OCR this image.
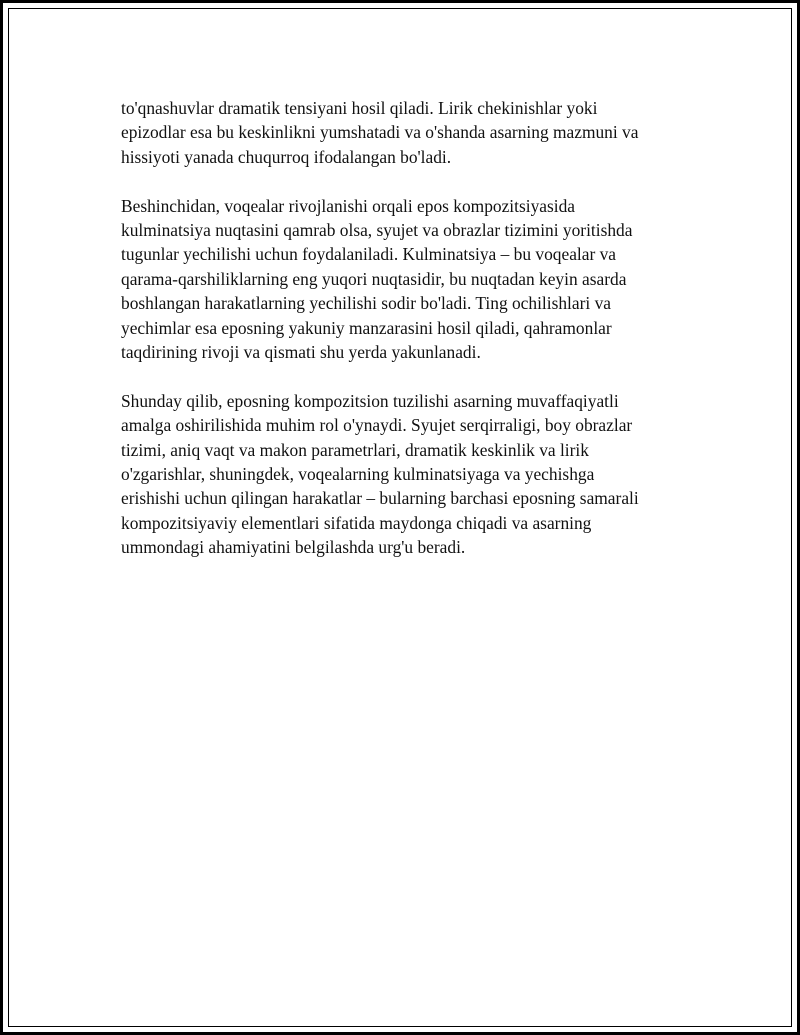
to'qnashuvlar dramatik tensiyani hosil qiladi. Lirik chekinishlar yoki
epizodlar esa bu keskinlikni yumshatadi va o'shanda asarning mazmuni va
hissiyoti yanada chuqurroq ifodalangan bo'ladi.

Beshinchidan, voqealar rivojlanishi orqali epos kompozitsiyasida
kulminatsiya nuqtasini qamrab olsa, syujet va obrazlar tizimini yoritishda
tugunlar yechilishi uchun foydalaniladi. Kulminatsiya – bu voqealar va
qarama-qarshiliklarning eng yuqori nuqtasidir, bu nuqtadan keyin asarda
boshlangan harakatlarning yechilishi sodir bo'ladi. Ting ochilishlari va
yechimlar esa eposning yakuniy manzarasini hosil qiladi, qahramonlar
taqdirining rivoji va qismati shu yerda yakunlanadi.

Shunday qilib, eposning kompozitsion tuzilishi asarning muvaffaqiyatli
amalga oshirilishida muhim rol o'ynaydi. Syujet serqirraligi, boy obrazlar
tizimi, aniq vaqt va makon parametrlari, dramatik keskinlik va lirik
o'zgarishlar, shuningdek, voqealarning kulminatsiyaga va yechishga
erishishi uchun qilingan harakatlar – bularning barchasi eposning samarali
kompozitsiyaviy elementlari sifatida maydonga chiqadi va asarning
ummondagi ahamiyatini belgilashda urg'u beradi.
